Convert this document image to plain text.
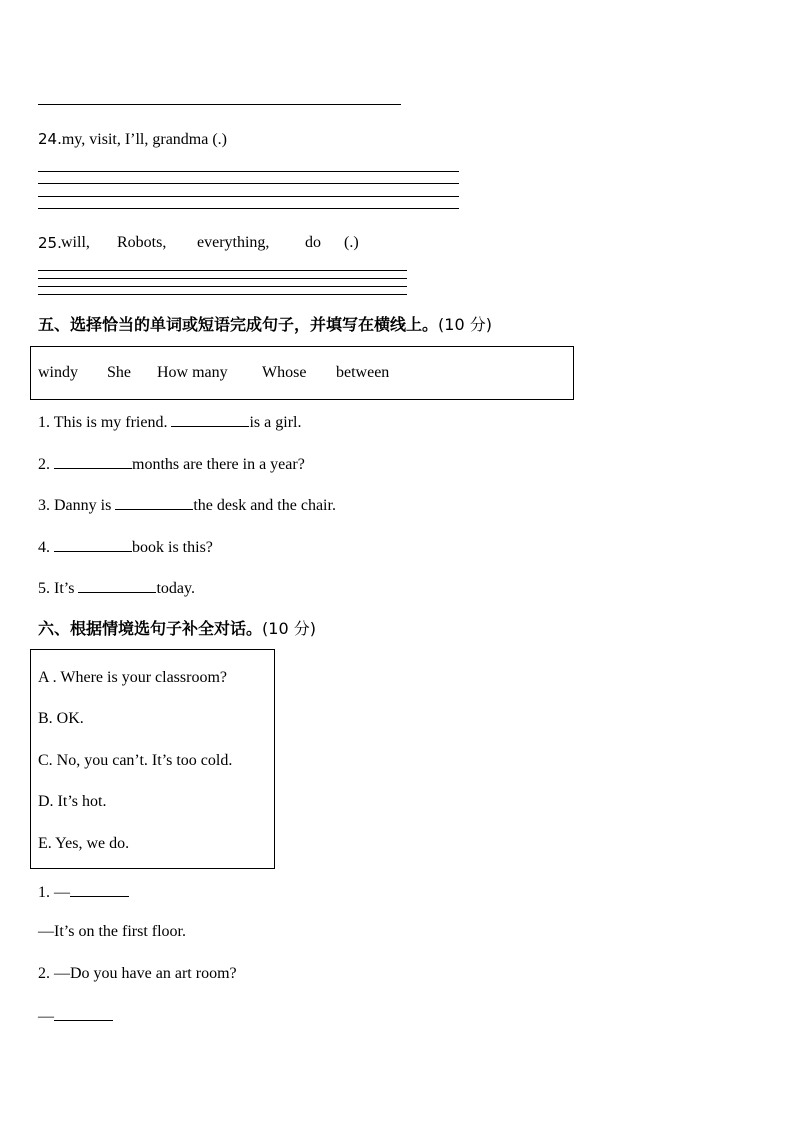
24.my, visit, I’ll, grandma (.)
25. will, Robots, everything, do (.)
五、选择恰当的单词或短语完成句子，并填写在横线上。(10 分)
windy She How many Whose between
1. This is my friend.	is a girl.
2.	months are there in a year?
3. Danny is	the desk and the chair.
4.	book is this?
5. It’s	today.
六、根据情境选句子补全对话。(10 分)
A . Where is your classroom?
B. OK.
C. No, you can’t. It’s too cold.
D. It’s hot.
E. Yes, we do.
1. —
—It’s on the first floor.
2. —Do you have an art room?
—
